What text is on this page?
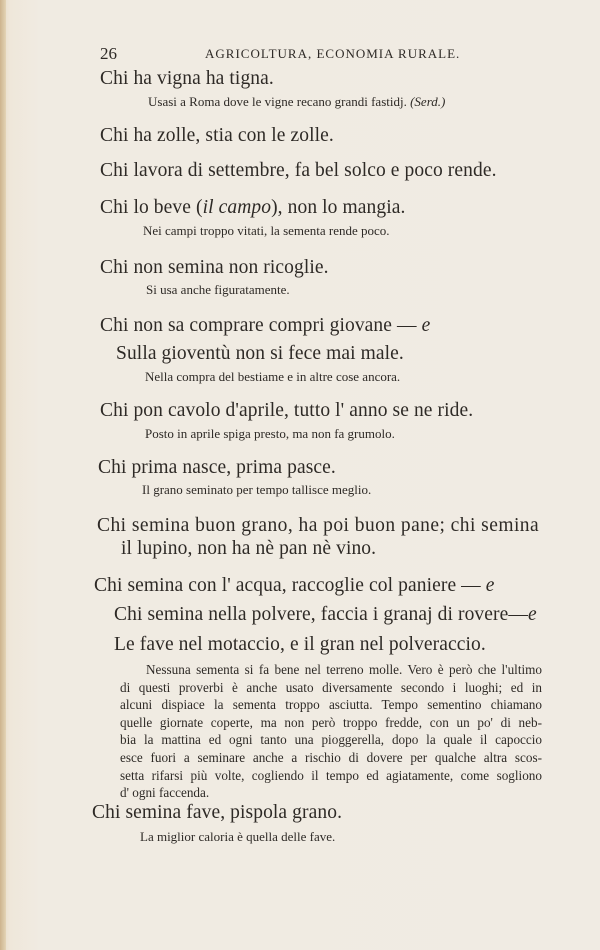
26	AGRICOLTURA, ECONOMIA RURALE.
Chi ha vigna ha tigna.
Usasi a Roma dove le vigne recano grandi fastidj. (Serd.)
Chi ha zolle, stia con le zolle.
Chi lavora di settembre, fa bel solco e poco rende.
Chi lo beve (il campo), non lo mangia.
Nei campi troppo vitati, la sementa rende poco.
Chi non semina non ricoglie.
Si usa anche figuratamente.
Chi non sa comprare compri giovane — e
Sulla gioventù non si fece mai male.
Nella compra del bestiame e in altre cose ancora.
Chi pon cavolo d'aprile, tutto l' anno se ne ride.
Posto in aprile spiga presto, ma non fa grumolo.
Chi prima nasce, prima pasce.
Il grano seminato per tempo tallisce meglio.
Chi semina buon grano, ha poi buon pane; chi semina
il lupino, non ha nè pan nè vino.
Chi semina con l' acqua, raccoglie col paniere — e
Chi semina nella polvere, faccia i granaj di rovere—e
Le fave nel motaccio, e il gran nel polveraccio.
Nessuna sementa si fa bene nel terreno molle. Vero è però che l'ultimo
di questi proverbi è anche usato diversamente secondo i luoghi; ed in
alcuni dispiace la sementa troppo asciutta. Tempo sementino chiamano
quelle giornate coperte, ma non però troppo fredde, con un po' di neb-
bia la mattina ed ogni tanto una pioggerella, dopo la quale il capoccio
esce fuori a seminare anche a rischio di dovere per qualche altra scos-
setta rifarsi più volte, cogliendo il tempo ed agiatamente, come sogliono
d' ogni faccenda.
Chi semina fave, pispola grano.
La miglior caloria è quella delle fave.
